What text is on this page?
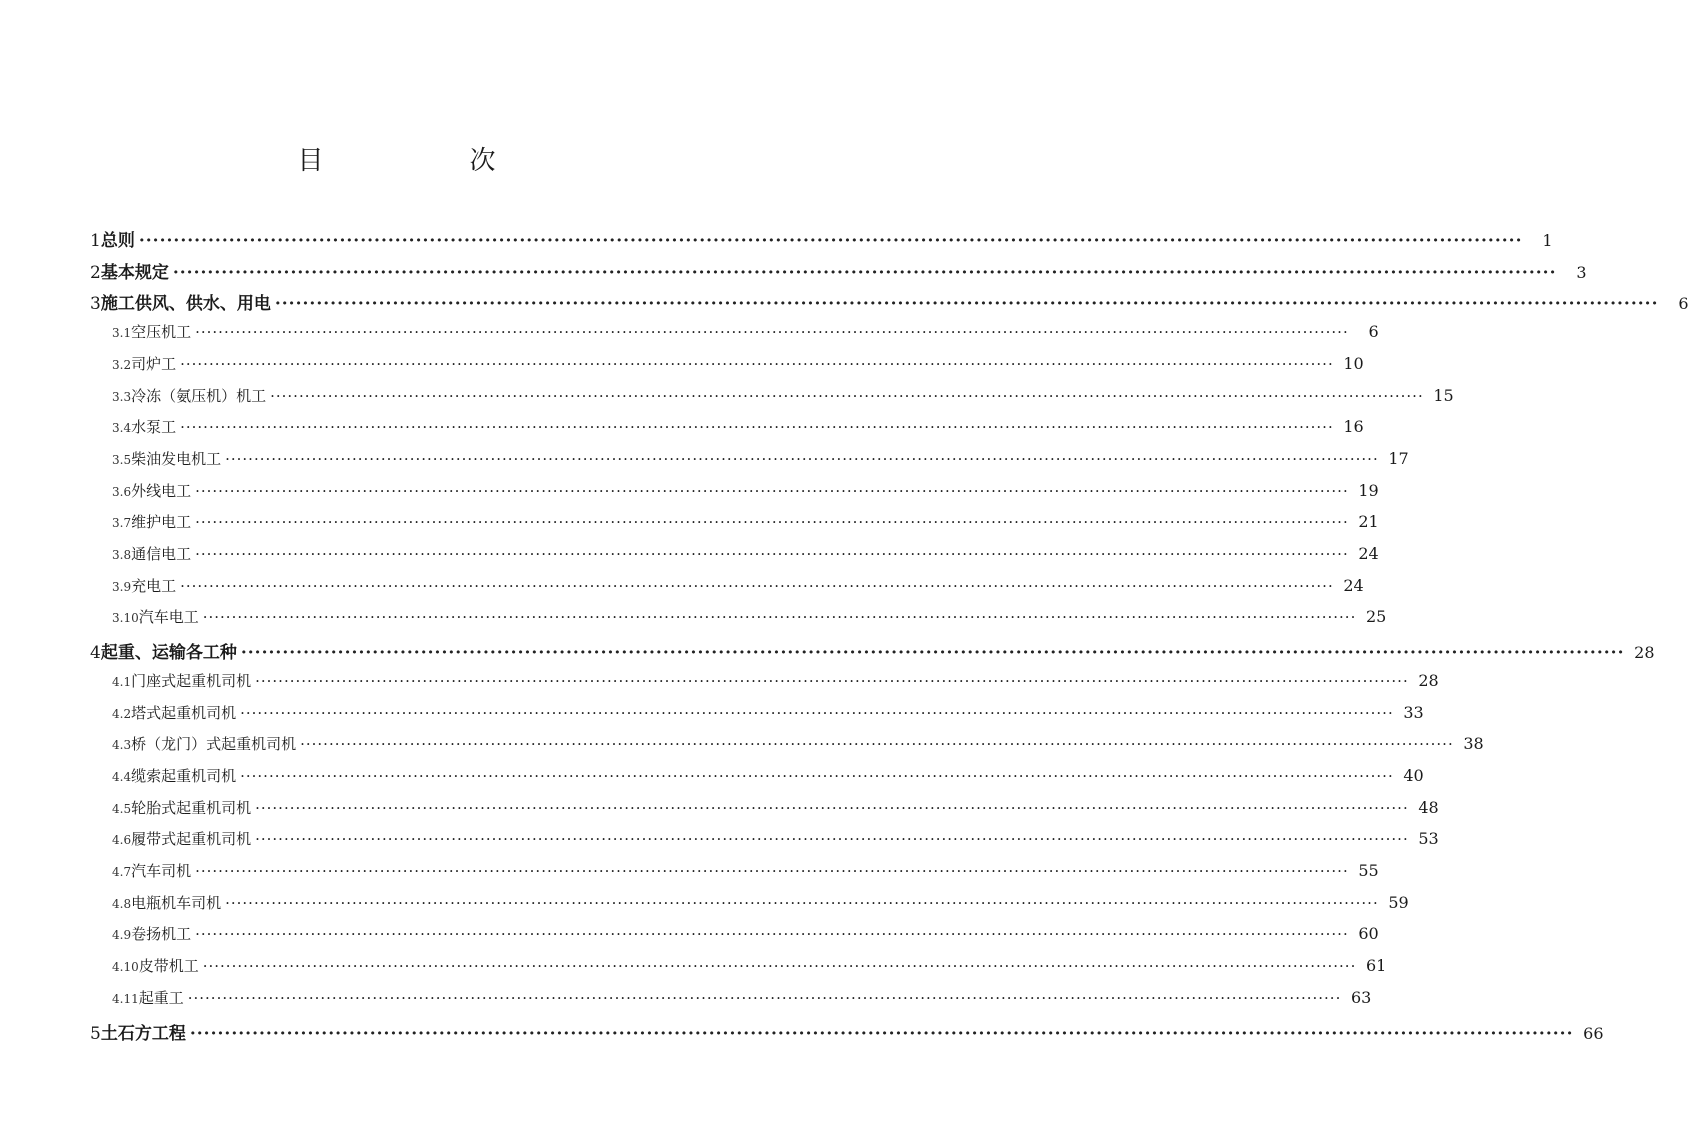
目　次
1 总则 ········································································································································································································	1
2 基本规定 ········································································································································································································	3
3 施工供风、供水、用电 ········································································································································································································	6
3.1 空压机工 ········································································································································································································	6
3.2 司炉工 ········································································································································································································ 10
3.3 冷冻（氨压机）机工 ········································································································································································································ 15
3.4 水泵工 ········································································································································································································ 16
3.5 柴油发电机工 ········································································································································································································ 17
3.6 外线电工 ········································································································································································································ 19
3.7 维护电工 ········································································································································································································ 21
3.8 通信电工 ········································································································································································································ 24
3.9 充电工 ········································································································································································································ 24
3.10 汽车电工 ········································································································································································································ 25
4 起重、运输各工种 ········································································································································································································ 28
4.1 门座式起重机司机 ········································································································································································································ 28
4.2 塔式起重机司机 ········································································································································································································ 33
4.3 桥（龙门）式起重机司机 ········································································································································································································ 38
4.4 缆索起重机司机 ········································································································································································································ 40
4.5 轮胎式起重机司机 ········································································································································································································ 48
4.6 履带式起重机司机 ········································································································································································································ 53
4.7 汽车司机 ········································································································································································································ 55
4.8 电瓶机车司机 ········································································································································································································ 59
4.9 卷扬机工 ········································································································································································································ 60
4.10 皮带机工 ········································································································································································································ 61
4.11 起重工 ········································································································································································································ 63
5 土石方工程 ········································································································································································································ 66
